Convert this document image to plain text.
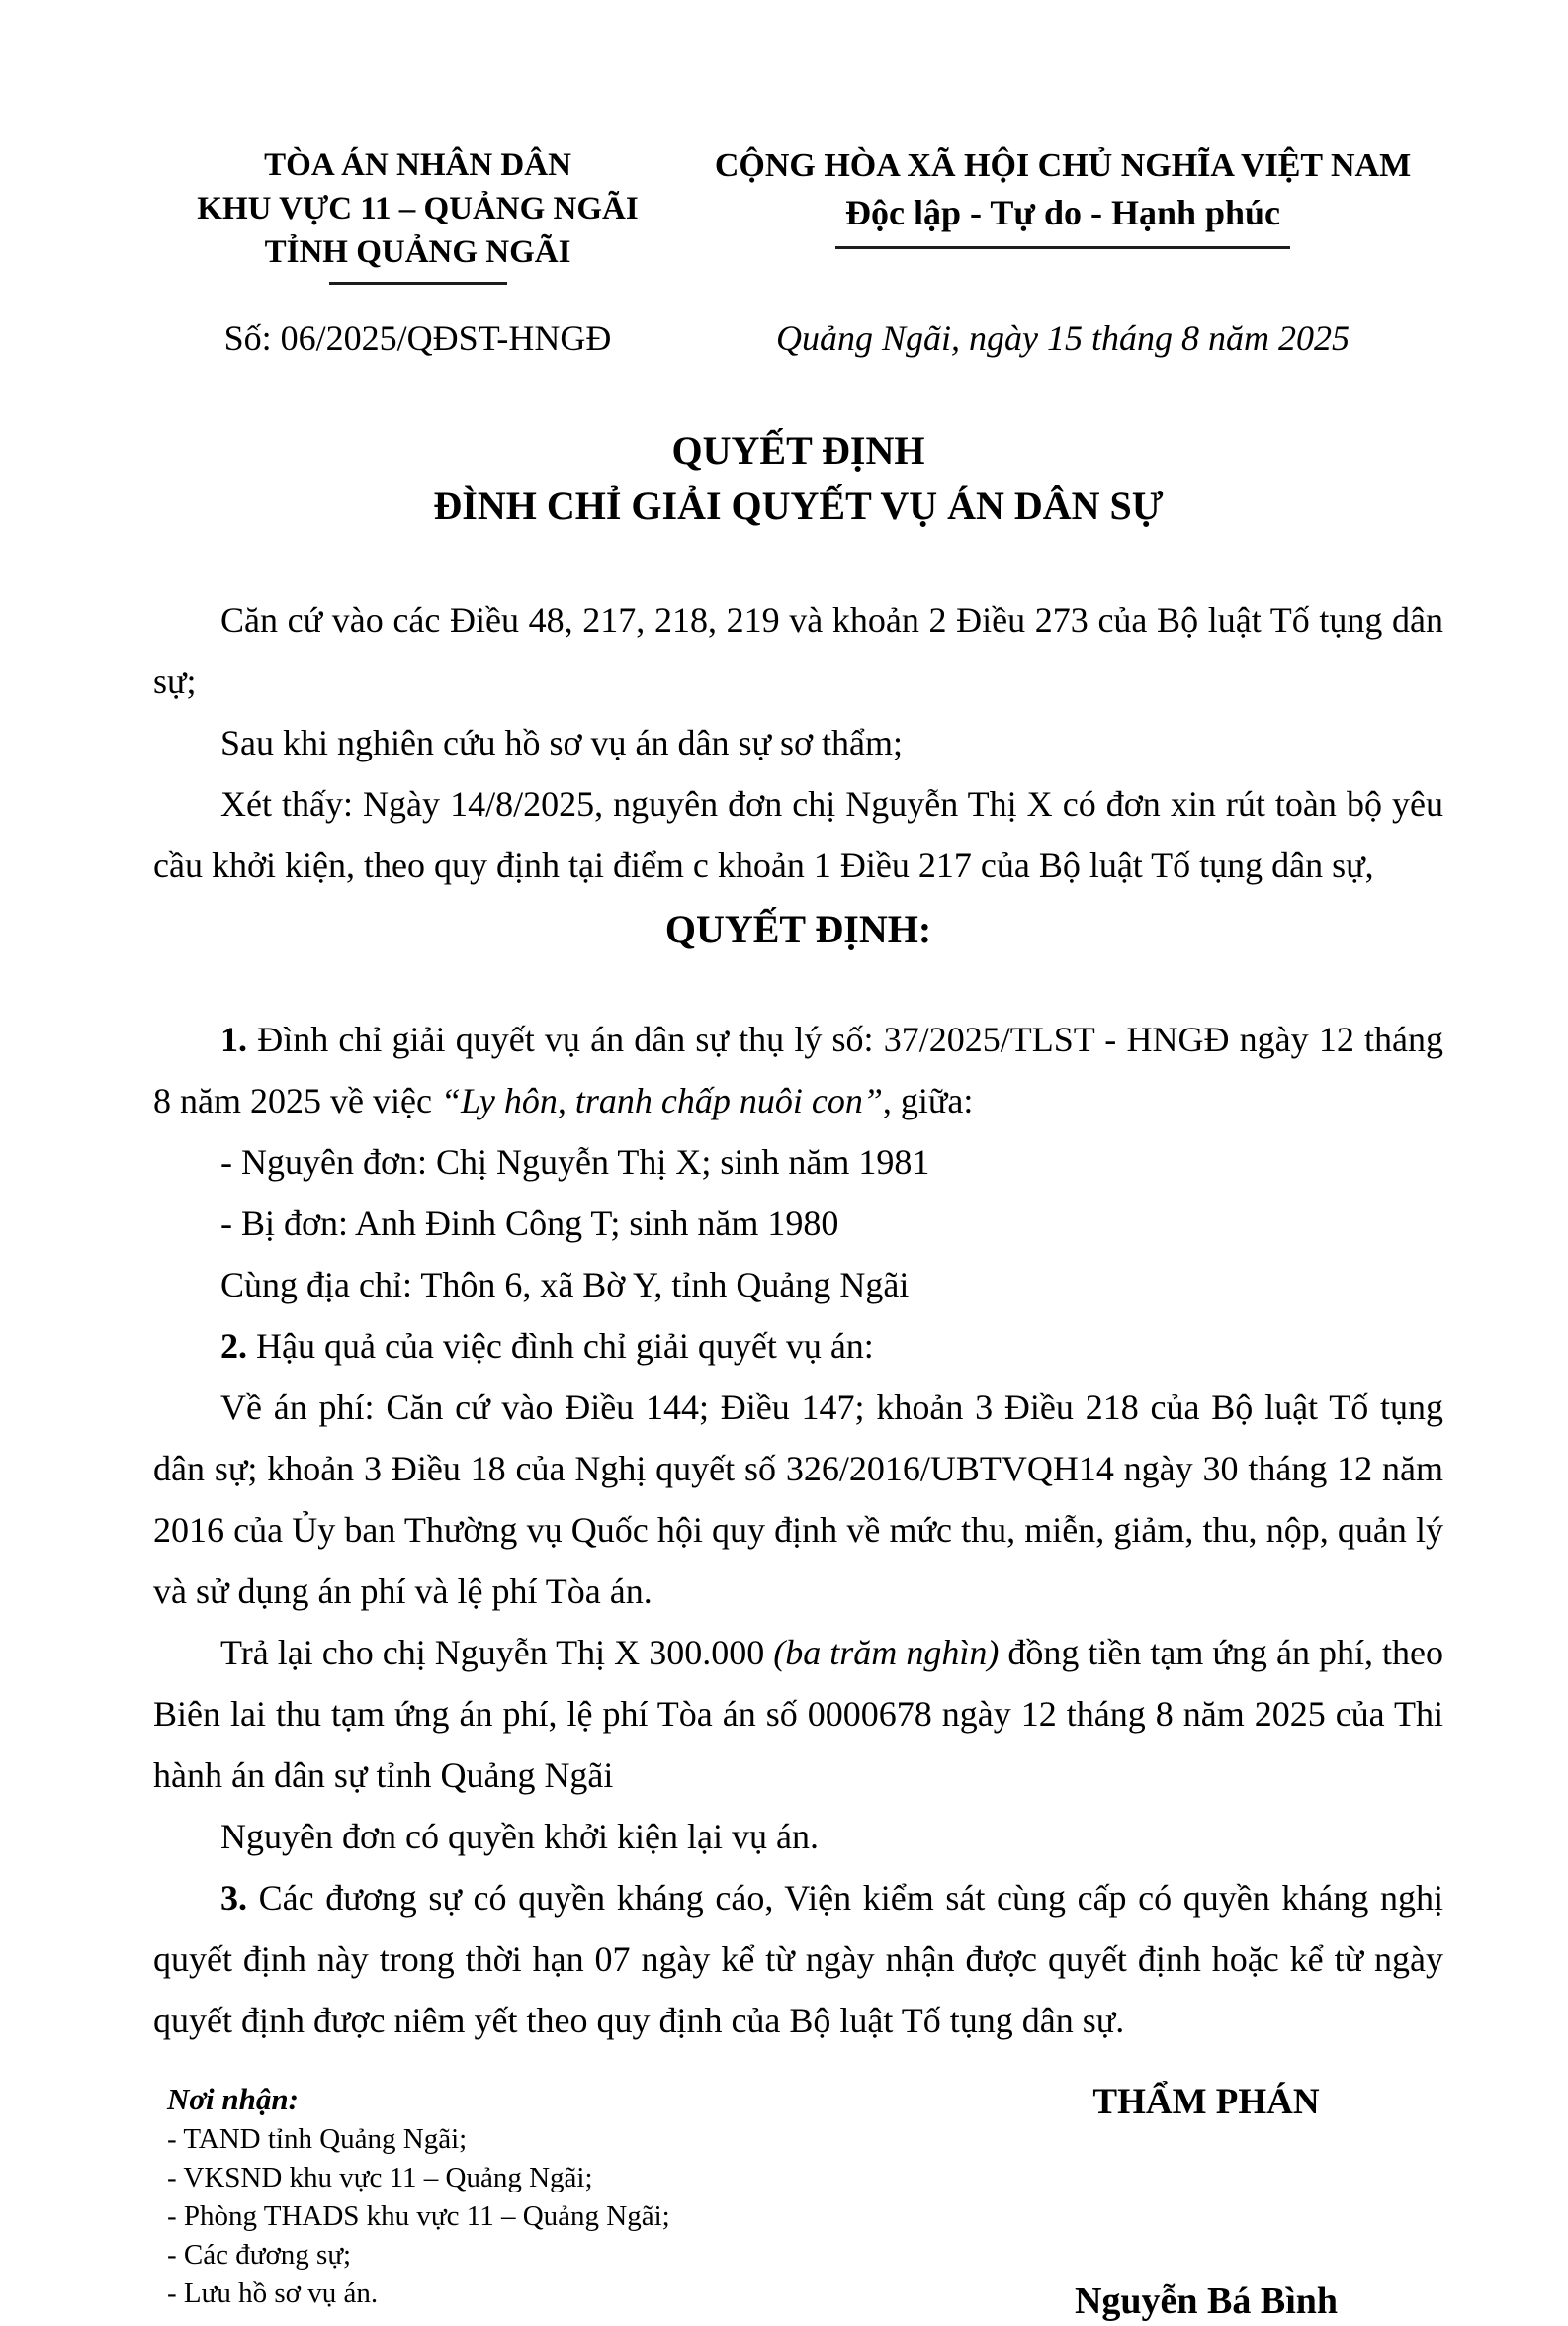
TÒA ÁN NHÂN DÂN
KHU VỰC 11 – QUẢNG NGÃI
TỈNH QUẢNG NGÃI
CỘNG HÒA XÃ HỘI CHỦ NGHĨA VIỆT NAM
Độc lập - Tự do - Hạnh phúc
Số: 06/2025/QĐST-HNGĐ	Quảng Ngãi, ngày 15 tháng 8 năm 2025
QUYẾT ĐỊNH
ĐÌNH CHỈ GIẢI QUYẾT VỤ ÁN DÂN SỰ

Căn cứ vào các Điều 48, 217, 218, 219 và khoản 2 Điều 273 của Bộ luật Tố tụng dân sự;

Sau khi nghiên cứu hồ sơ vụ án dân sự sơ thẩm;

Xét thấy: Ngày 14/8/2025, nguyên đơn chị Nguyễn Thị X có đơn xin rút toàn bộ yêu cầu khởi kiện, theo quy định tại điểm c khoản 1 Điều 217 của Bộ luật Tố tụng dân sự,

QUYẾT ĐỊNH:

1. Đình chỉ giải quyết vụ án dân sự thụ lý số: 37/2025/TLST - HNGĐ ngày 12 tháng 8 năm 2025 về việc “Ly hôn, tranh chấp nuôi con”, giữa:

- Nguyên đơn: Chị Nguyễn Thị X; sinh năm 1981

- Bị đơn: Anh Đinh Công T; sinh năm 1980

Cùng địa chỉ: Thôn 6, xã Bờ Y, tỉnh Quảng Ngãi

2. Hậu quả của việc đình chỉ giải quyết vụ án:

Về án phí: Căn cứ vào Điều 144; Điều 147; khoản 3 Điều 218 của Bộ luật Tố tụng dân sự; khoản 3 Điều 18 của Nghị quyết số 326/2016/UBTVQH14 ngày 30 tháng 12 năm 2016 của Ủy ban Thường vụ Quốc hội quy định về mức thu, miễn, giảm, thu, nộp, quản lý và sử dụng án phí và lệ phí Tòa án.

Trả lại cho chị Nguyễn Thị X 300.000 (ba trăm nghìn) đồng tiền tạm ứng án phí, theo Biên lai thu tạm ứng án phí, lệ phí Tòa án số 0000678 ngày 12 tháng 8 năm 2025 của Thi hành án dân sự tỉnh Quảng Ngãi

Nguyên đơn có quyền khởi kiện lại vụ án.

3. Các đương sự có quyền kháng cáo, Viện kiểm sát cùng cấp có quyền kháng nghị quyết định này trong thời hạn 07 ngày kể từ ngày nhận được quyết định hoặc kể từ ngày quyết định được niêm yết theo quy định của Bộ luật Tố tụng dân sự.

Nơi nhận:
- TAND tỉnh Quảng Ngãi;
- VKSND khu vực 11 – Quảng Ngãi;
- Phòng THADS khu vực 11 – Quảng Ngãi;
- Các đương sự;
- Lưu hồ sơ vụ án.
THẨM PHÁN
Nguyễn Bá Bình
